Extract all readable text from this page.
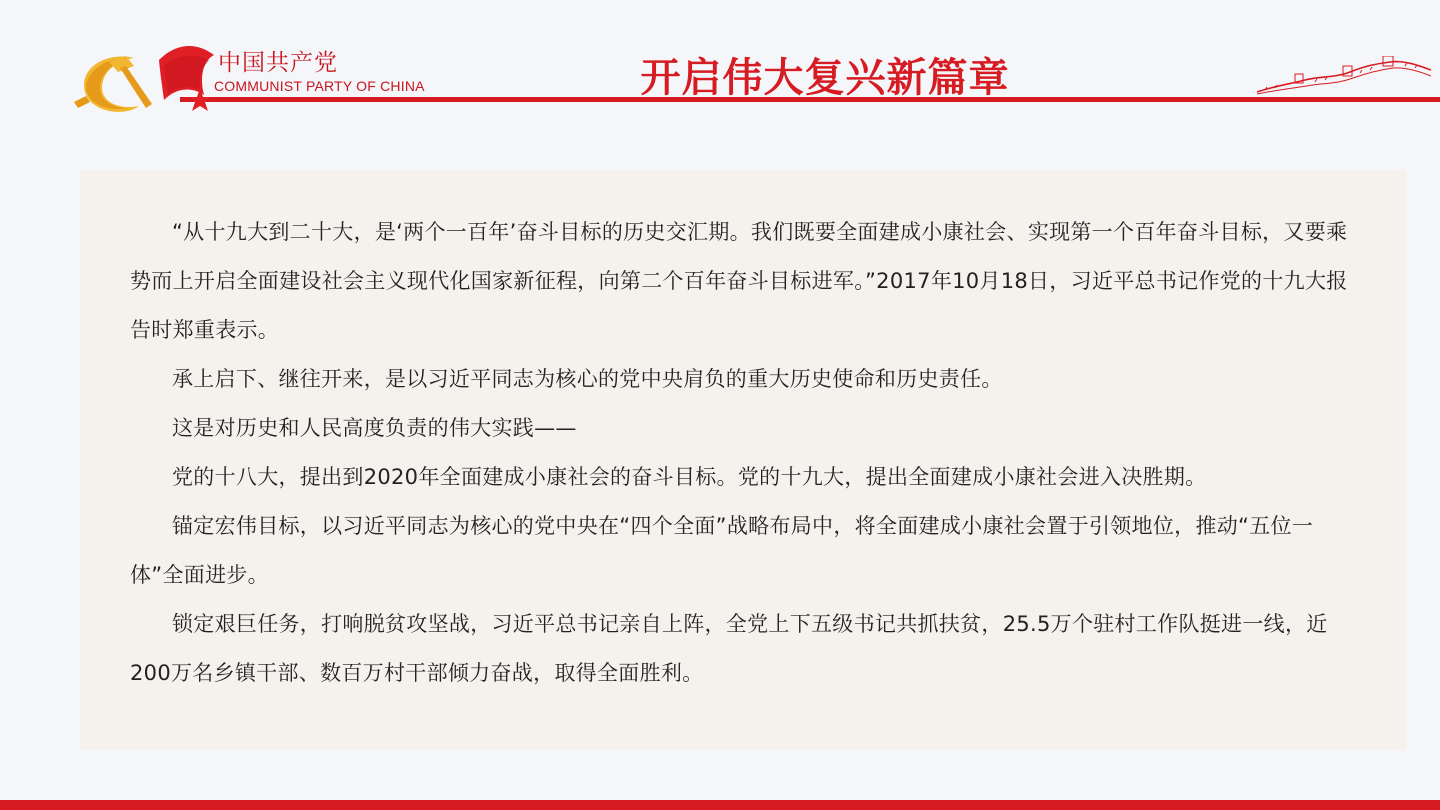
中国共产党
COMMUNIST PARTY OF CHINA	开启伟大复兴新篇章

“从十九大到二十大，是‘两个一百年’奋斗目标的历史交汇期。我们既要全面建成小康社会、实现第一个百年奋斗目标，又要乘势而上开启全面建设社会主义现代化国家新征程，向第二个百年奋斗目标进军。”2017年10月18日，习近平总书记作党的十九大报告时郑重表示。

承上启下、继往开来，是以习近平同志为核心的党中央肩负的重大历史使命和历史责任。

这是对历史和人民高度负责的伟大实践——

党的十八大，提出到2020年全面建成小康社会的奋斗目标。党的十九大，提出全面建成小康社会进入决胜期。

锚定宏伟目标，以习近平同志为核心的党中央在“四个全面”战略布局中，将全面建成小康社会置于引领地位，推动“五位一体”全面进步。

锁定艰巨任务，打响脱贫攻坚战，习近平总书记亲自上阵，全党上下五级书记共抓扶贫，25.5万个驻村工作队挺进一线，近200万名乡镇干部、数百万村干部倾力奋战，取得全面胜利。
